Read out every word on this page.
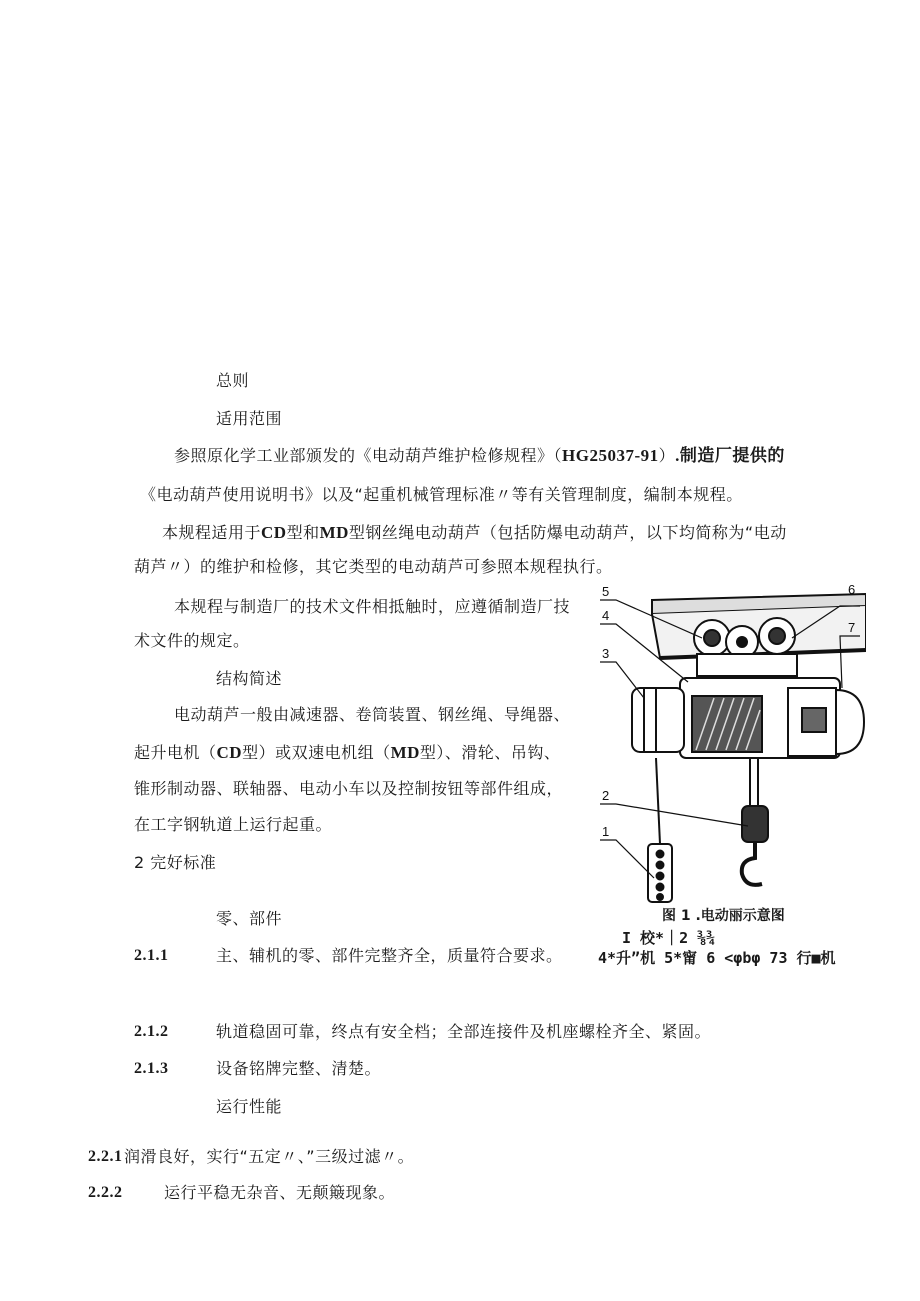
总则
适用范围
参照原化学工业部颁发的《电动葫芦维护检修规程》（HG25037-91）.制造厂提供的
《电动葫芦使用说明书》以及“起重机械管理标准〃等有关管理制度，编制本规程。
本规程适用于CD型和MD型钢丝绳电动葫芦（包括防爆电动葫芦，以下均简称为“电动
葫芦〃）的维护和检修，其它类型的电动葫芦可参照本规程执行。
本规程与制造厂的技术文件相抵触时，应遵循制造厂技
术文件的规定。
结构简述
电动葫芦一般由减速器、卷筒装置、钢丝绳、导绳器、
起升电机（CD型）或双速电机组（MD型）、滑轮、吊钩、
锥形制动器、联轴器、电动小车以及控制按钮等部件组成，
在工字钢轨道上运行起重。
2 完好标准
零、部件
2.1.1	主、辅机的零、部件完整齐全，质量符合要求。
2.1.2	轨道稳固可靠，终点有安全档；全部连接件及机座螺栓齐全、紧固。
2.1.3	设备铭牌完整、清楚。
运行性能
2.2.1 润滑良好，实行“五定〃、”三级过滤〃。
2.2.2	运行平稳无杂音、无颠簸现象。
5
4
3
2
1
6
7
图 1 .电动丽示意图
I 校*｜2 ⅜¾
4*升”机 5*甯 6 <φbφ 73 行■机
